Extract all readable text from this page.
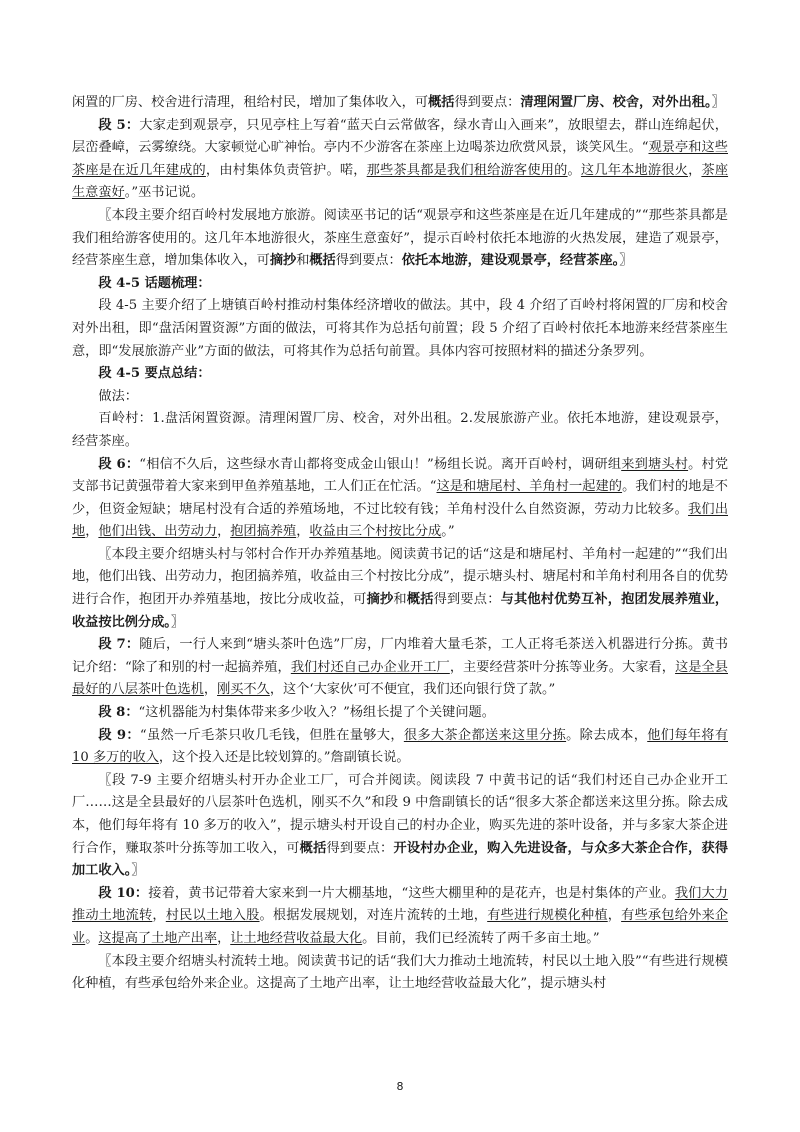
闲置的厂房、校舍进行清理，租给村民，增加了集体收入，可概括得到要点：清理闲置厂房、校舍，对外出租。〗

段 5：大家走到观景亭，只见亭柱上写着“蓝天白云常做客，绿水青山入画来”，放眼望去，群山连绵起伏，层峦叠嶂，云雾缭绕。大家顿觉心旷神怡。亭内不少游客在茶座上边喝茶边欣赏风景，谈笑风生。“观景亭和这些茶座是在近几年建成的，由村集体负责管护。喏，那些茶具都是我们租给游客使用的。这几年本地游很火，茶座生意蛮好。”巫书记说。

〖本段主要介绍百岭村发展地方旅游。阅读巫书记的话“观景亭和这些茶座是在近几年建成的”“那些茶具都是我们租给游客使用的。这几年本地游很火，茶座生意蛮好”，提示百岭村依托本地游的火热发展，建造了观景亭，经营茶座生意，增加集体收入，可摘抄和概括得到要点：依托本地游，建设观景亭，经营茶座。〗

段 4-5 话题梳理：

段 4-5 主要介绍了上塘镇百岭村推动村集体经济增收的做法。其中，段 4 介绍了百岭村将闲置的厂房和校舍对外出租，即“盘活闲置资源”方面的做法，可将其作为总括句前置；段 5 介绍了百岭村依托本地游来经营茶座生意，即“发展旅游产业”方面的做法，可将其作为总括句前置。具体内容可按照材料的描述分条罗列。

段 4-5 要点总结：

做法：

百岭村：1.盘活闲置资源。清理闲置厂房、校舍，对外出租。2.发展旅游产业。依托本地游，建设观景亭，经营茶座。

段 6：“相信不久后，这些绿水青山都将变成金山银山！”杨组长说。离开百岭村，调研组来到塘头村。村党支部书记黄强带着大家来到甲鱼养殖基地，工人们正在忙活。“这是和塘尾村、羊角村一起建的。我们村的地是不少，但资金短缺；塘尾村没有合适的养殖场地，不过比较有钱；羊角村没什么自然资源，劳动力比较多。我们出地，他们出钱、出劳动力，抱团搞养殖，收益由三个村按比分成。”

〖本段主要介绍塘头村与邻村合作开办养殖基地。阅读黄书记的话“这是和塘尾村、羊角村一起建的”“我们出地，他们出钱、出劳动力，抱团搞养殖，收益由三个村按比分成”，提示塘头村、塘尾村和羊角村利用各自的优势进行合作，抱团开办养殖基地，按比分成收益，可摘抄和概括得到要点：与其他村优势互补，抱团发展养殖业，收益按比例分成。〗

段 7：随后，一行人来到“塘头茶叶色选”厂房，厂内堆着大量毛茶，工人正将毛茶送入机器进行分拣。黄书记介绍：“除了和别的村一起搞养殖，我们村还自己办企业开工厂，主要经营茶叶分拣等业务。大家看，这是全县最好的八层茶叶色选机，刚买不久，这个‘大家伙’可不便宜，我们还向银行贷了款。”

段 8：“这机器能为村集体带来多少收入？”杨组长提了个关键问题。

段 9：“虽然一斤毛茶只收几毛钱，但胜在量够大，很多大茶企都送来这里分拣。除去成本，他们每年将有 10 多万的收入，这个投入还是比较划算的。”詹副镇长说。

〖段 7-9 主要介绍塘头村开办企业工厂，可合并阅读。阅读段 7 中黄书记的话“我们村还自己办企业开工厂……这是全县最好的八层茶叶色选机，刚买不久”和段 9 中詹副镇长的话“很多大茶企都送来这里分拣。除去成本，他们每年将有 10 多万的收入”，提示塘头村开设自己的村办企业，购买先进的茶叶设备，并与多家大茶企进行合作，赚取茶叶分拣等加工收入，可概括得到要点：开设村办企业，购入先进设备，与众多大茶企合作，获得加工收入。〗

段 10：接着，黄书记带着大家来到一片大棚基地，“这些大棚里种的是花卉，也是村集体的产业。我们大力推动土地流转，村民以土地入股。根据发展规划，对连片流转的土地，有些进行规模化种植，有些承包给外来企业。这提高了土地产出率，让土地经营收益最大化。目前，我们已经流转了两千多亩土地。”

〖本段主要介绍塘头村流转土地。阅读黄书记的话“我们大力推动土地流转，村民以土地入股”“有些进行规模化种植，有些承包给外来企业。这提高了土地产出率，让土地经营收益最大化”，提示塘头村

8
